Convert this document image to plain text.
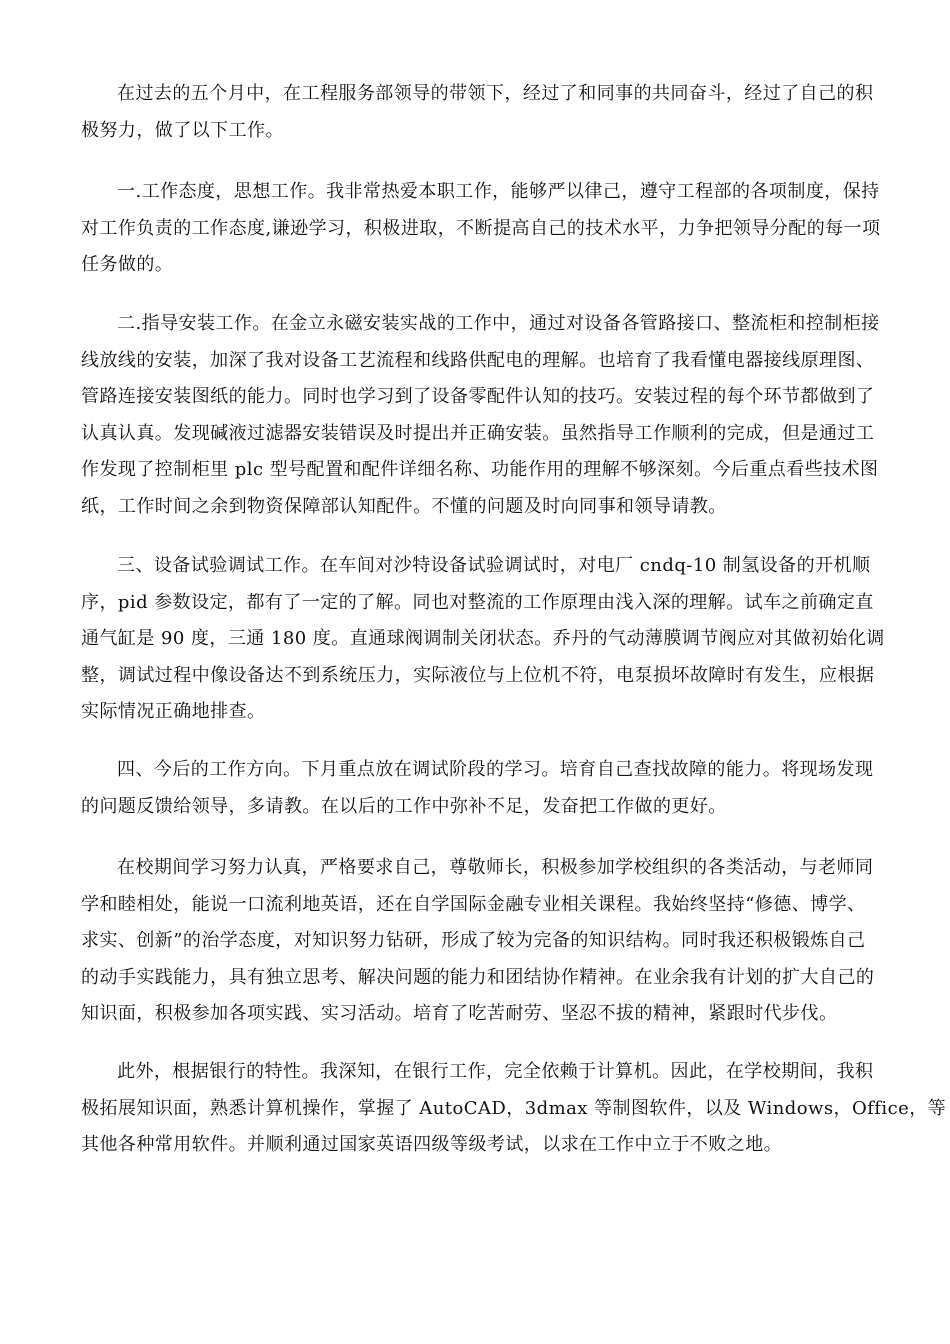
在过去的五个月中，在工程服务部领导的带领下，经过了和同事的共同奋斗，经过了自己的积
极努力，做了以下工作。
一.工作态度，思想工作。我非常热爱本职工作，能够严以律己，遵守工程部的各项制度，保持
对工作负责的工作态度,谦逊学习，积极进取，不断提高自己的技术水平，力争把领导分配的每一项
任务做的。
二.指导安装工作。在金立永磁安装实战的工作中，通过对设备各管路接口、整流柜和控制柜接
线放线的安装，加深了我对设备工艺流程和线路供配电的理解。也培育了我看懂电器接线原理图、
管路连接安装图纸的能力。同时也学习到了设备零配件认知的技巧。安装过程的每个环节都做到了
认真认真。发现碱液过滤器安装错误及时提出并正确安装。虽然指导工作顺利的完成，但是通过工
作发现了控制柜里 plc 型号配置和配件详细名称、功能作用的理解不够深刻。今后重点看些技术图
纸，工作时间之余到物资保障部认知配件。不懂的问题及时向同事和领导请教。
三、设备试验调试工作。在车间对沙特设备试验调试时，对电厂 cndq-10 制氢设备的开机顺
序，pid 参数设定，都有了一定的了解。同也对整流的工作原理由浅入深的理解。试车之前确定直
通气缸是 90 度，三通 180 度。直通球阀调制关闭状态。乔丹的气动薄膜调节阀应对其做初始化调
整，调试过程中像设备达不到系统压力，实际液位与上位机不符，电泵损坏故障时有发生，应根据
实际情况正确地排查。
四、今后的工作方向。下月重点放在调试阶段的学习。培育自己查找故障的能力。将现场发现
的问题反馈给领导，多请教。在以后的工作中弥补不足，发奋把工作做的更好。
在校期间学习努力认真，严格要求自己，尊敬师长，积极参加学校组织的各类活动，与老师同
学和睦相处，能说一口流利地英语，还在自学国际金融专业相关课程。我始终坚持“修德、博学、
求实、创新”的治学态度，对知识努力钻研，形成了较为完备的知识结构。同时我还积极锻炼自己
的动手实践能力，具有独立思考、解决问题的能力和团结协作精神。在业余我有计划的扩大自己的
知识面，积极参加各项实践、实习活动。培育了吃苦耐劳、坚忍不拔的精神，紧跟时代步伐。
此外，根据银行的特性。我深知，在银行工作，完全依赖于计算机。因此，在学校期间，我积
极拓展知识面，熟悉计算机操作，掌握了 AutoCAD，3dmax 等制图软件，以及 Windows，Office，等
其他各种常用软件。并顺利通过国家英语四级等级考试，以求在工作中立于不败之地。
